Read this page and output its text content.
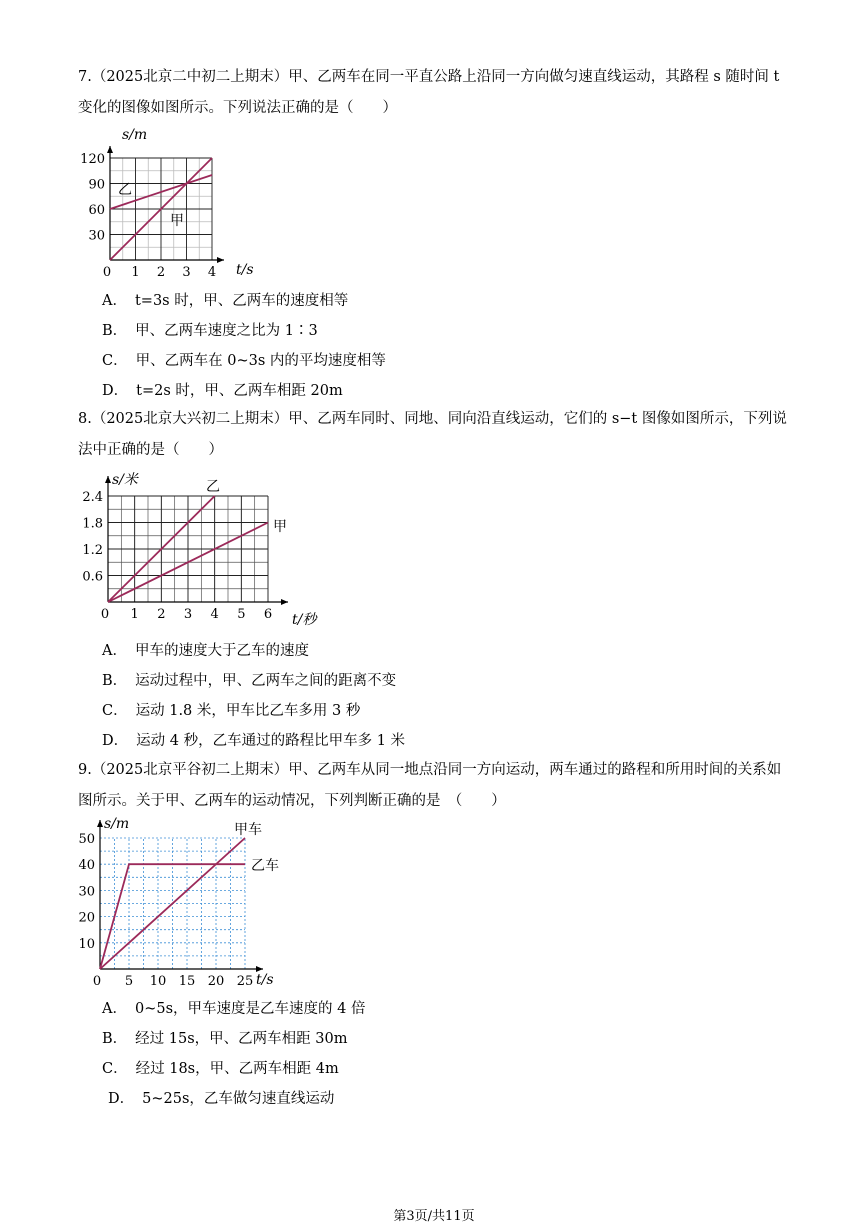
7.（2025北京二中初二上期末）甲、乙两车在同一平直公路上沿同一方向做匀速直线运动，其路程 s 随时间 t 变化的图像如图所示。下列说法正确的是（　　）

1 2 3 4
30
60
90
120
0
s/m
t/s
甲
乙
A． t=3s 时，甲、乙两车的速度相等
B． 甲、乙两车速度之比为 1∶3
C． 甲、乙两车在 0~3s 内的平均速度相等
D． t=2s 时，甲、乙两车相距 20m

8.（2025北京大兴初二上期末）甲、乙两车同时、同地、同向沿直线运动，它们的 s−t 图像如图所示，下列说法中正确的是（　　）

1 2 3 4 5 6
0.6
1.2
1.8
2.4
0
s/米
t/秒
乙
甲
A． 甲车的速度大于乙车的速度
B． 运动过程中，甲、乙两车之间的距离不变
C． 运动 1.8 米，甲车比乙车多用 3 秒
D． 运动 4 秒，乙车通过的路程比甲车多 1 米

9.（2025北京平谷初二上期末）甲、乙两车从同一地点沿同一方向运动，两车通过的路程和所用时间的关系如图所示。关于甲、乙两车的运动情况，下列判断正确的是　（　　）

5 10 15 20 25
10
20
30
40
50
0
s/m
t/s
乙车
甲车
A． 0~5s，甲车速度是乙车速度的 4 倍
B． 经过 15s，甲、乙两车相距 30m
C． 经过 18s，甲、乙两车相距 4m
D． 5~25s，乙车做匀速直线运动
第3页/共11页
